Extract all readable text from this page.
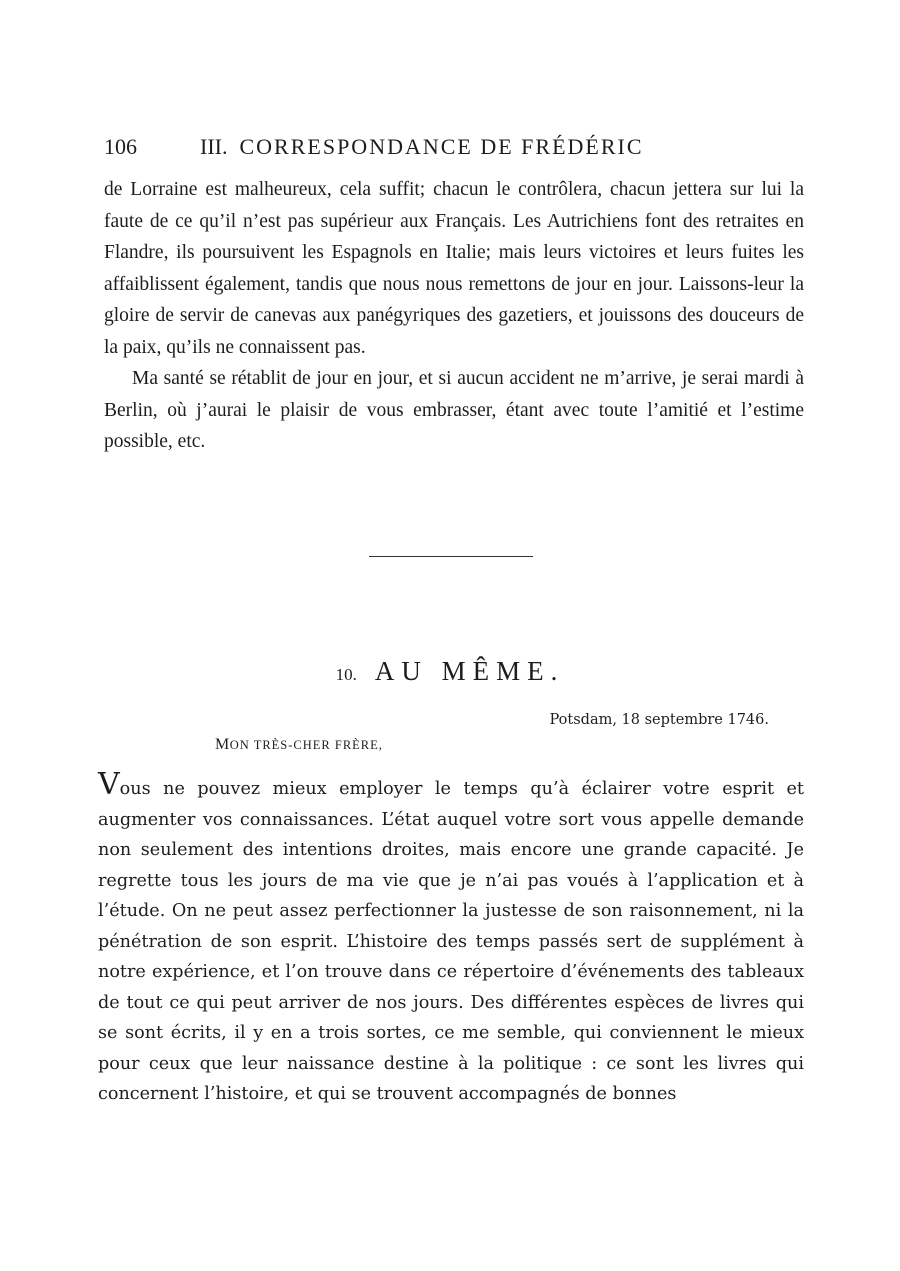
106	III. CORRESPONDANCE DE FRÉDÉRIC

de Lorraine est malheureux, cela suffit; chacun le contrôlera, chacun jettera sur lui la faute de ce qu’il n’est pas supérieur aux Français. Les Autrichiens font des retraites en Flandre, ils poursuivent les Espagnols en Italie; mais leurs victoires et leurs fuites les affaiblissent également, tandis que nous nous remettons de jour en jour. Laissons-leur la gloire de servir de canevas aux panégyriques des gazetiers, et jouissons des douceurs de la paix, qu’ils ne connaissent pas.

Ma santé se rétablit de jour en jour, et si aucun accident ne m’arrive, je serai mardi à Berlin, où j’aurai le plaisir de vous embrasser, étant avec toute l’amitié et l’estime possible, etc.

10. AU MÊME.
Potsdam, 18 septembre 1746.
MON TRÈS-CHER FRÈRE,

Vous ne pouvez mieux employer le temps qu’à éclairer votre esprit et augmenter vos connaissances. L’état auquel votre sort vous appelle demande non seulement des intentions droites, mais encore une grande capacité. Je regrette tous les jours de ma vie que je n’ai pas voués à l’application et à l’étude. On ne peut assez perfectionner la justesse de son raisonnement, ni la pénétration de son esprit. L’histoire des temps passés sert de supplément à notre expérience, et l’on trouve dans ce répertoire d’événements des tableaux de tout ce qui peut arriver de nos jours. Des différentes espèces de livres qui se sont écrits, il y en a trois sortes, ce me semble, qui conviennent le mieux pour ceux que leur naissance destine à la politique : ce sont les livres qui concernent l’histoire, et qui se trouvent accompagnés de bonnes
